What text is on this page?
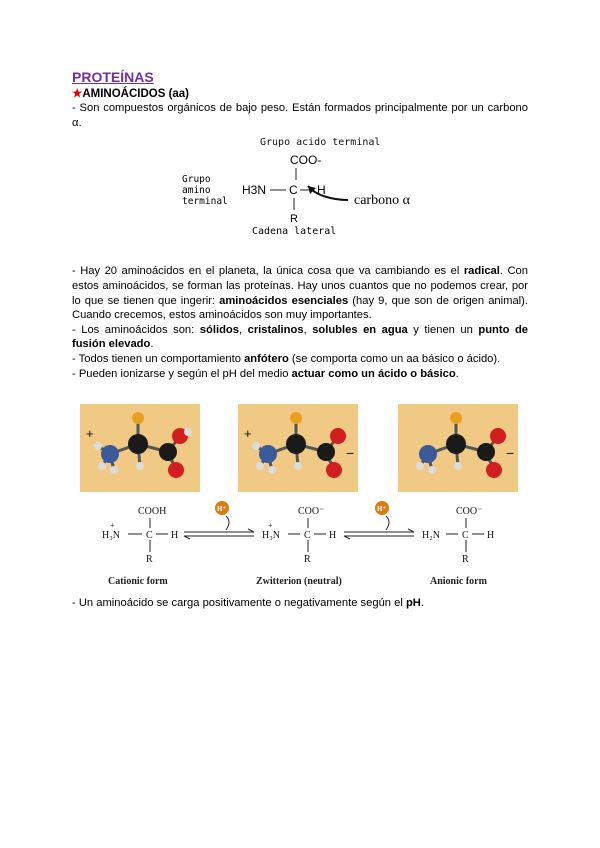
PROTEÍNAS
★AMINOÁCIDOS (aa)

- Son compuestos orgánicos de bajo peso. Están formados principalmente por un carbono α.

Grupo acido terminal
COO-
H3N C H
R
Grupo
amino
terminal
Cadena lateral
carbono α

- Hay 20 aminoácidos en el planeta, la única cosa que va cambiando es el radical. Con estos aminoácidos, se forman las proteínas. Hay unos cuantos que no podemos crear, por lo que se tienen que ingerir: aminoácidos esenciales (hay 9, que son de origen animal). Cuando crecemos, estos aminoácidos son muy importantes.

- Los aminoácidos son: sólidos, cristalinos, solubles en agua y tienen un punto de fusión elevado.

- Todos tienen un comportamiento anfótero (se comporta como un aa básico o ácido).

- Pueden ionizarse y según el pH del medio actuar como un ácido o básico.

+	+
−	−
COOH
+
H₃N	C H
R
Cationic form
H⁺	COO⁻
+
H₃N C H
R
Zwitterion (neutral)
H⁺	COO⁻
H₂N C H
R
Anionic form

- Un aminoácido se carga positivamente o negativamente según el pH.
